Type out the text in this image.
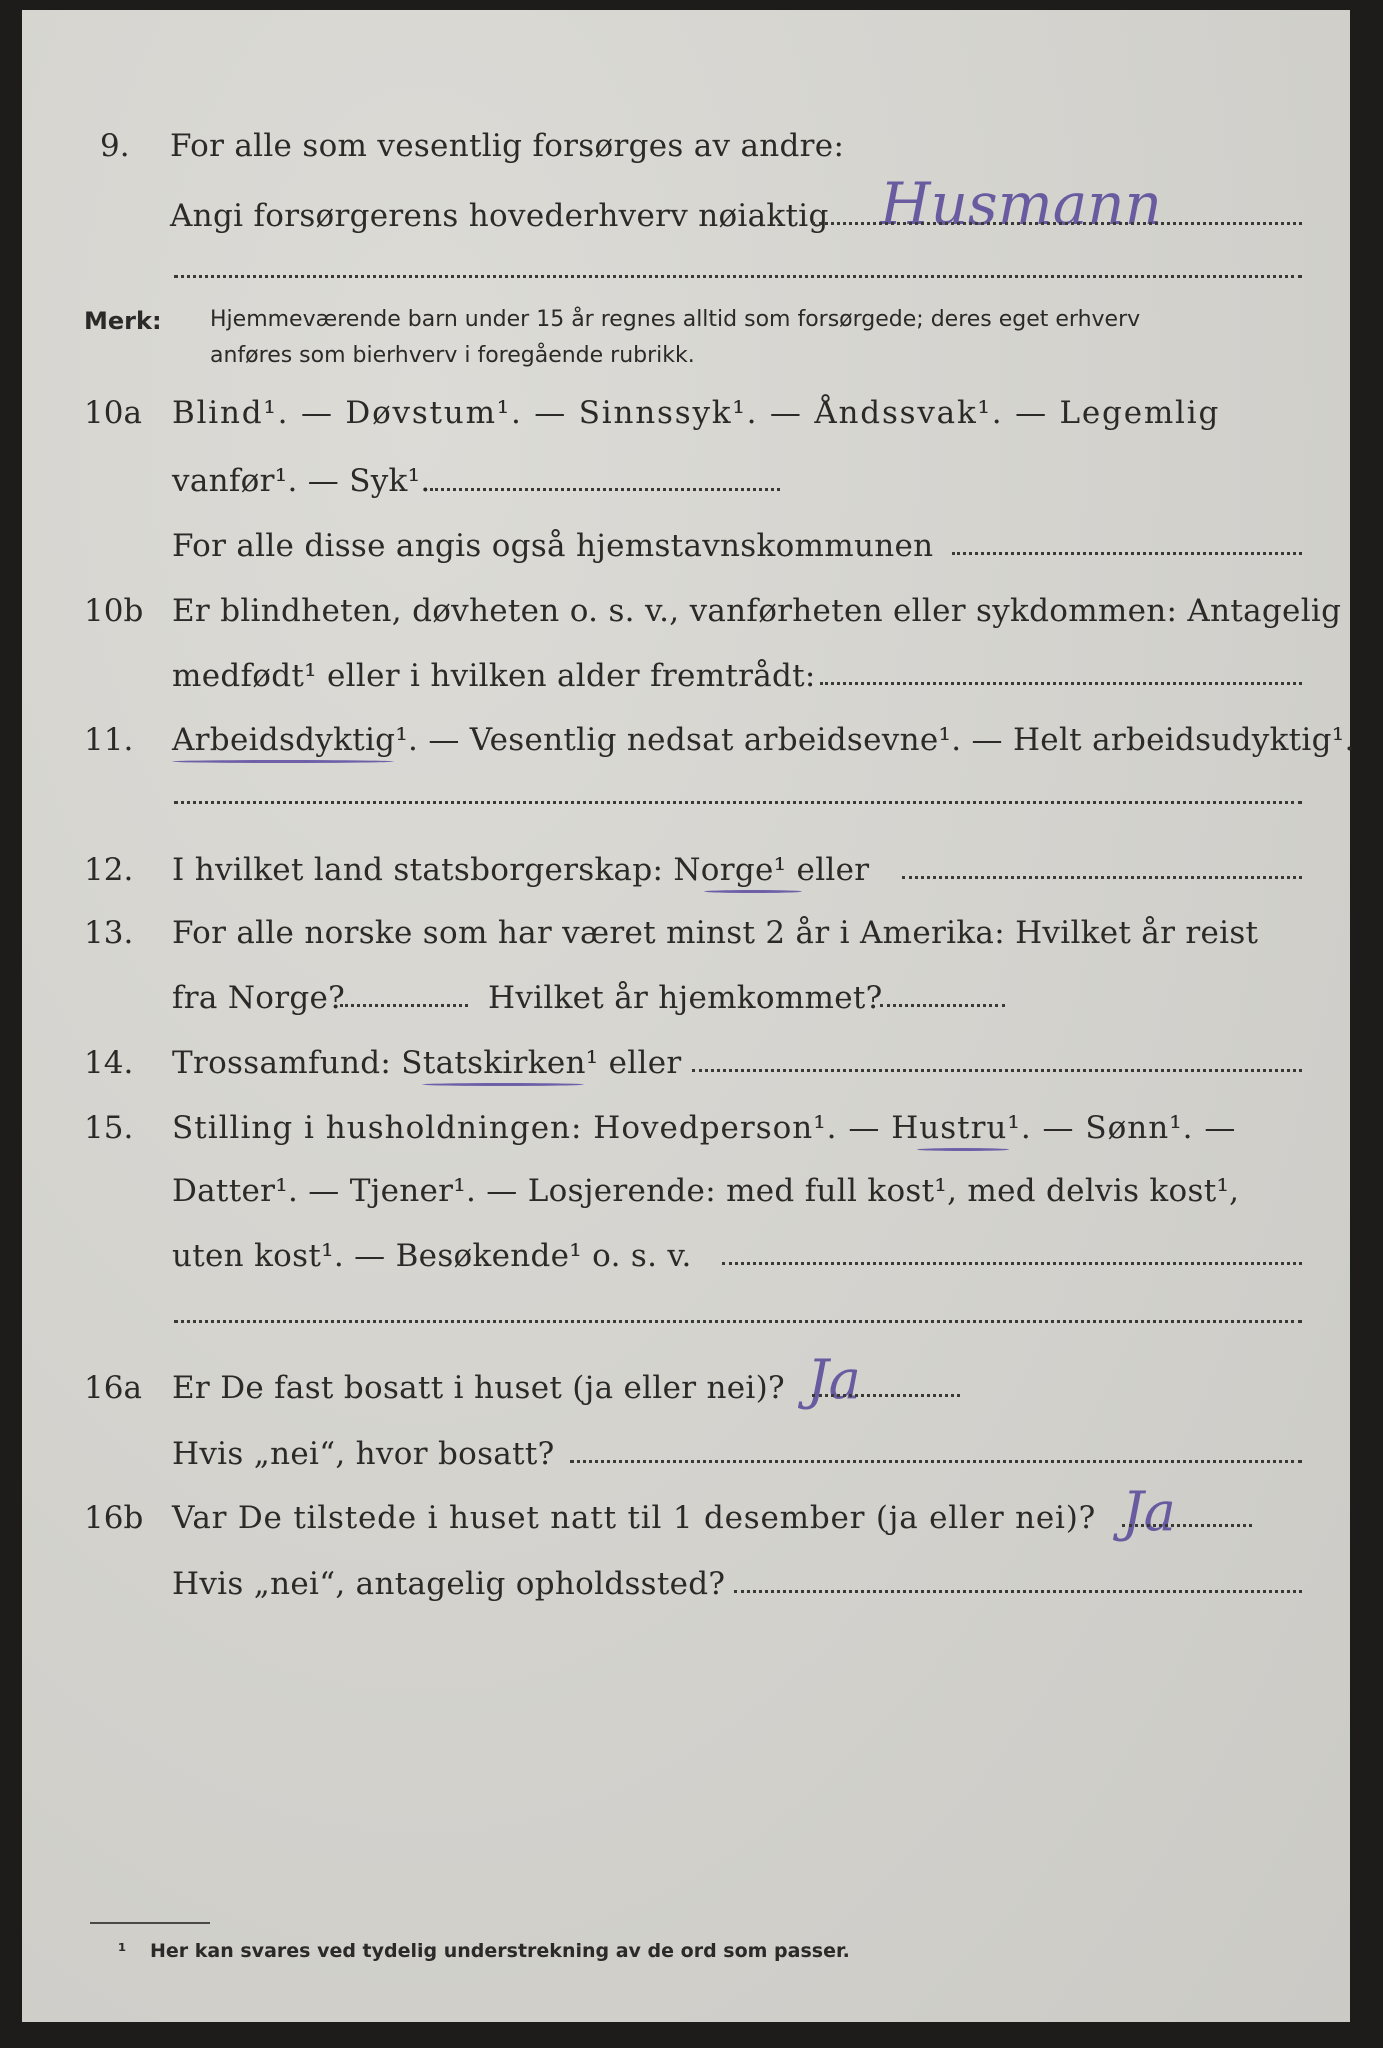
9. For alle som vesentlig forsørges av andre:
Husmann
Angi forsørgerens hovederhverv nøiaktig
Merk: Hjemmeværende barn under 15 år regnes alltid som forsørgede; deres eget erhverv
anføres som bierhverv i foregående rubrikk.
10a Blind¹. — Døvstum¹. — Sinnssyk¹. — Åndssvak¹. — Legemlig
vanfør¹. — Syk¹.
For alle disse angis også hjemstavnskommunen
10b Er blindheten, døvheten o. s. v., vanførheten eller sykdommen: Antagelig
medfødt¹ eller i hvilken alder fremtrådt:
11. Arbeidsdyktig¹. — Vesentlig nedsat arbeidsevne¹. — Helt arbeidsudyktig¹.
12. I hvilket land statsborgerskap: Norge¹ eller
13. For alle norske som har været minst 2 år i Amerika: Hvilket år reist
fra Norge?	Hvilket år hjemkommet?
14. Trossamfund: Statskirken¹ eller
15. Stilling i husholdningen: Hovedperson¹. — Hustru¹. — Sønn¹. —
Datter¹. — Tjener¹. — Losjerende: med full kost¹, med delvis kost¹,
uten kost¹. — Besøkende¹ o. s. v.
16a Er De fast bosatt i huset (ja eller nei)? Ja
Hvis „nei“, hvor bosatt?
16b Var De tilstede i huset natt til 1 desember (ja eller nei)? Ja
Hvis „nei“, antagelig opholdssted?
¹ Her kan svares ved tydelig understrekning av de ord som passer.
